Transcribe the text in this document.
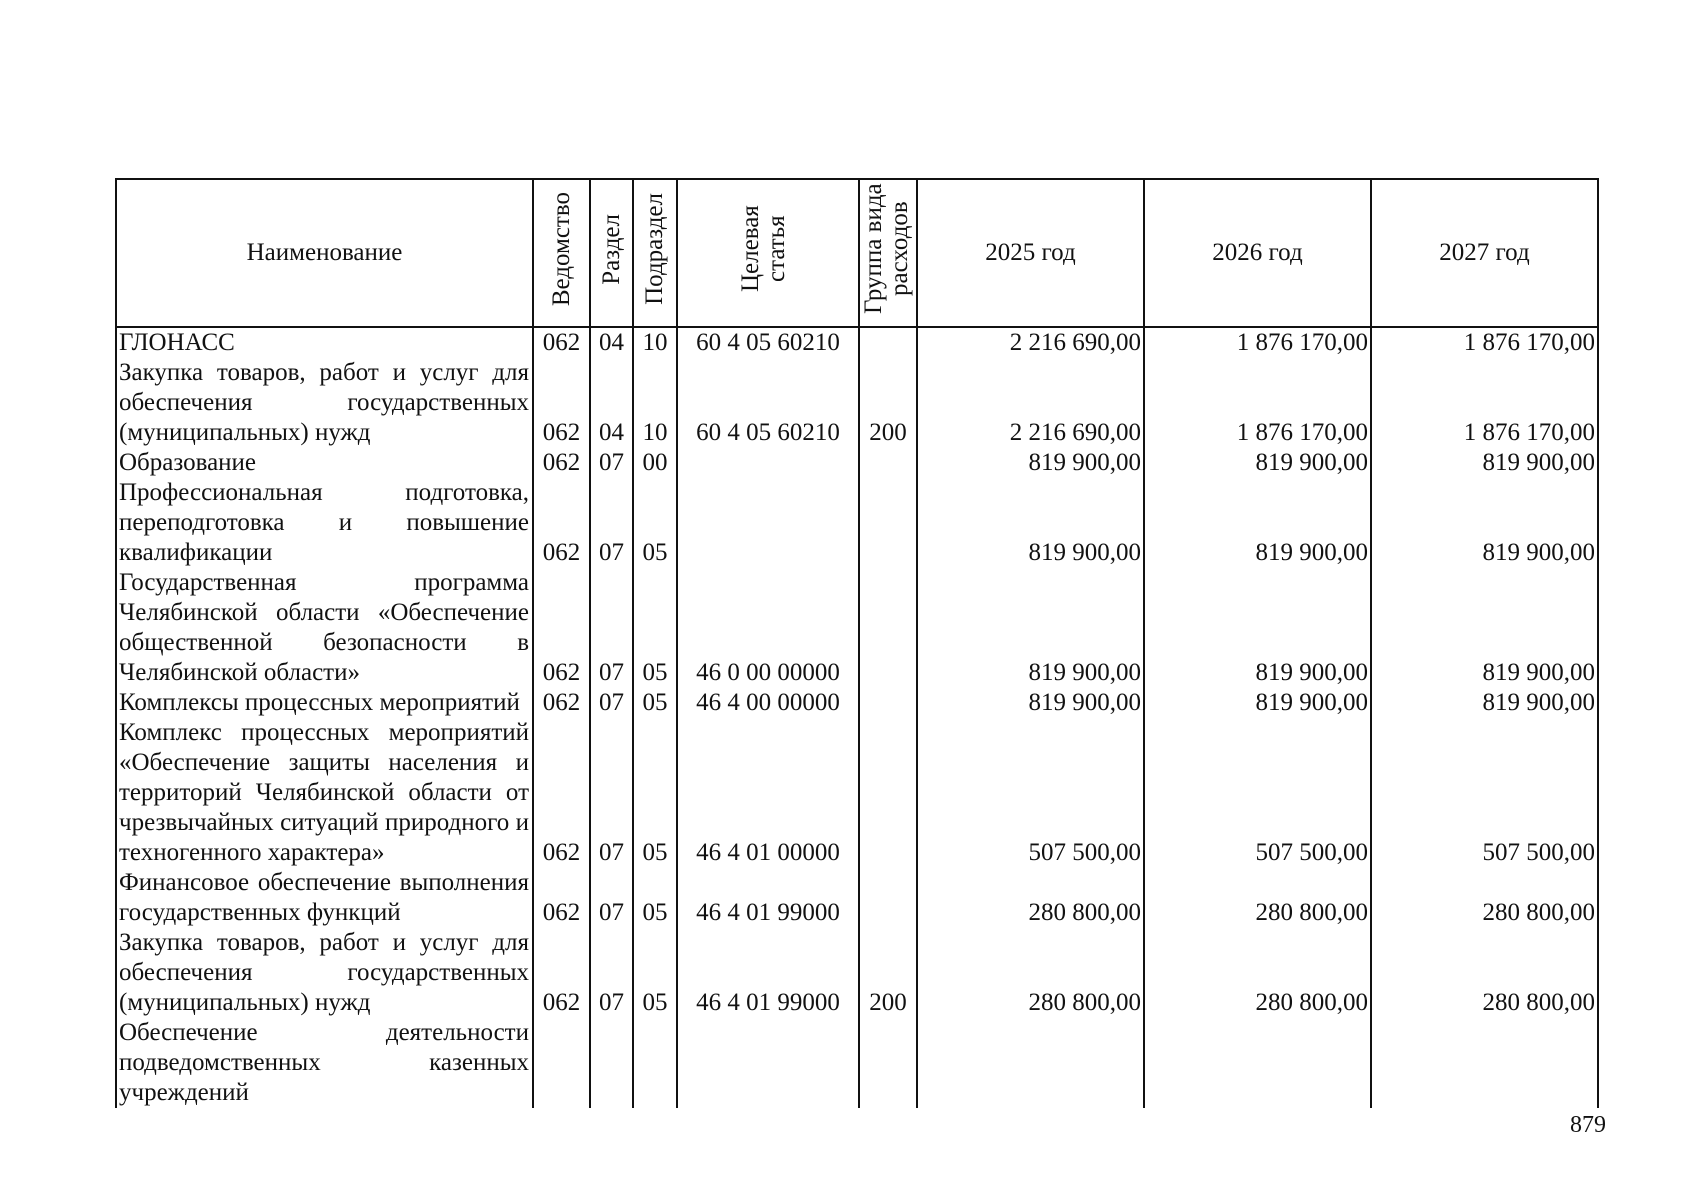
Наименование	Ведомство	Раздел	Подраздел	Целевая статья	Группа вида расходов	2025 год	2026 год	2027 год
ГЛОНАСС	062	04	10	60 4 05 60210		2 216 690,00	1 876 170,00	1 876 170,00
Закупка товаров, работ и услуг для обеспечения государственных (муниципальных) нужд	062	04	10	60 4 05 60210	200	2 216 690,00	1 876 170,00	1 876 170,00
Образование	062	07	00			819 900,00	819 900,00	819 900,00
Профессиональная подготовка, переподготовка и повышение квалификации	062	07	05			819 900,00	819 900,00	819 900,00
Государственная программа Челябинской области «Обеспечение общественной безопасности в Челябинской области»	062	07	05	46 0 00 00000		819 900,00	819 900,00	819 900,00
Комплексы процессных мероприятий	062	07	05	46 4 00 00000		819 900,00	819 900,00	819 900,00
Комплекс процессных мероприятий «Обеспечение защиты населения и территорий Челябинской области от чрезвычайных ситуаций природного и техногенного характера»	062	07	05	46 4 01 00000		507 500,00	507 500,00	507 500,00
Финансовое обеспечение выполнения государственных функций	062	07	05	46 4 01 99000		280 800,00	280 800,00	280 800,00
Закупка товаров, работ и услуг для обеспечения государственных (муниципальных) нужд	062	07	05	46 4 01 99000	200	280 800,00	280 800,00	280 800,00
Обеспечение деятельности подведомственных казенных учреждений								
879
